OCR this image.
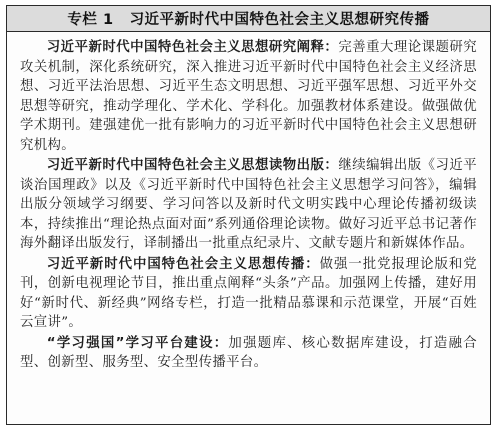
专栏 1 习近平新时代中国特色社会主义思想研究传播

习近平新时代中国特色社会主义思想研究阐释：完善重大理论课题研究攻关机制，深化系统研究，深入推进习近平新时代中国特色社会主义经济思想、习近平法治思想、习近平生态文明思想、习近平强军思想、习近平外交思想等研究，推动学理化、学术化、学科化。加强教材体系建设。做强做优学术期刊。建强建优一批有影响力的习近平新时代中国特色社会主义思想研究机构。

习近平新时代中国特色社会主义思想读物出版：继续编辑出版《习近平谈治国理政》以及《习近平新时代中国特色社会主义思想学习问答》，编辑出版分领域学习纲要、学习问答以及新时代文明实践中心理论传播初级读本，持续推出“理论热点面对面”系列通俗理论读物。做好习近平总书记著作海外翻译出版发行，译制播出一批重点纪录片、文献专题片和新媒体作品。

习近平新时代中国特色社会主义思想传播：做强一批党报理论版和党刊，创新电视理论节目，推出重点阐释“头条”产品。加强网上传播，建好用好“新时代、新经典”网络专栏，打造一批精品慕课和示范课堂，开展“百姓云宣讲”。

“学习强国”学习平台建设：加强题库、核心数据库建设，打造融合型、创新型、服务型、安全型传播平台。
